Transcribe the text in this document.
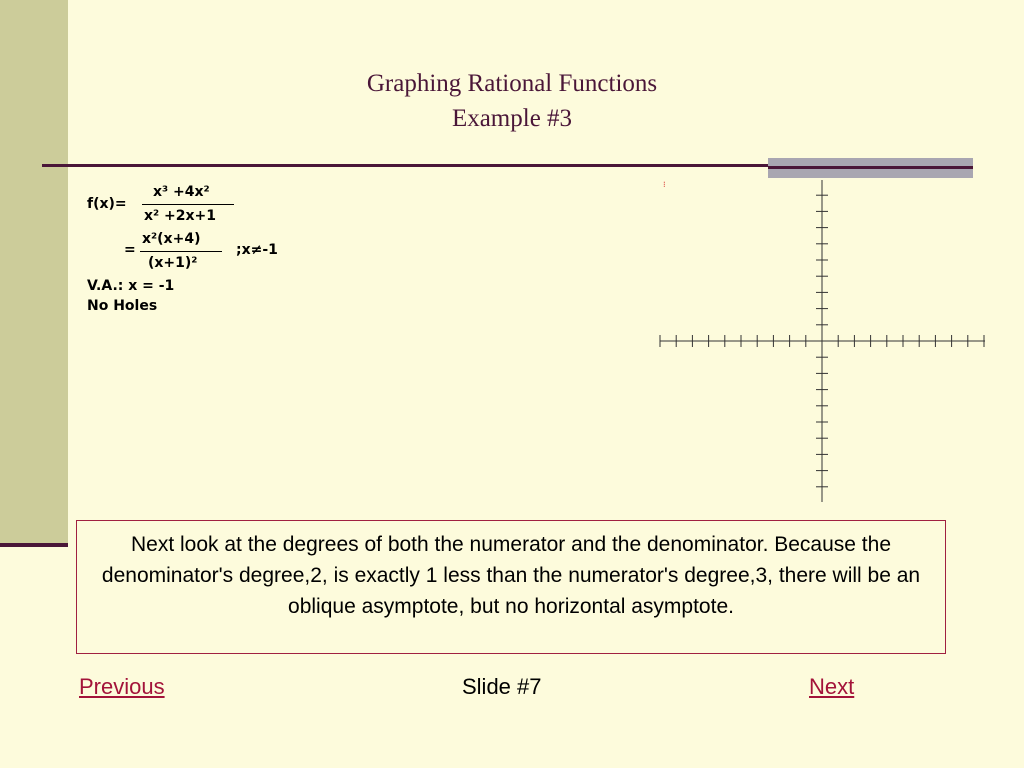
Graphing Rational Functions
Example #3
f(x)=
x³ +4x²
x² +2x+1
=
x²(x+4)
(x+1)²
;x≠-1
V.A.: x = -1
No Holes
⁝
Next look at the degrees of both the numerator and the denominator. Because the denominator's degree,2, is exactly 1 less than the numerator's degree,3, there will be an oblique asymptote, but no horizontal asymptote.
Previous	Slide #7	Next
